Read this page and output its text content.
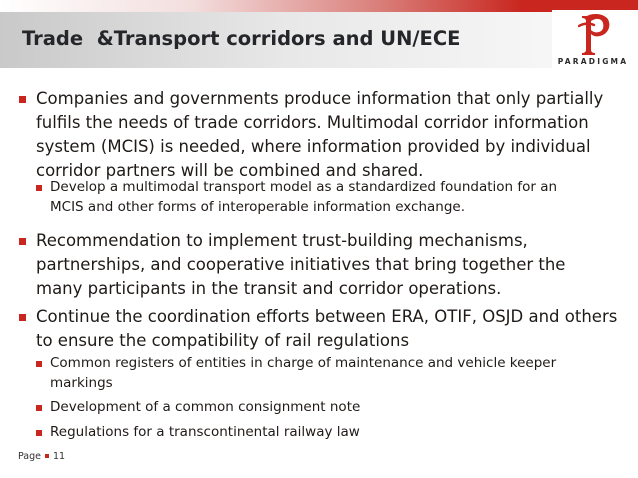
Trade  &Transport corridors and UN/ECE
PARADIGMA
Companies and governments produce information that only partially
fulfils the needs of trade corridors. Multimodal corridor information
system (MCIS) is needed, where information provided by individual
corridor partners will be combined and shared.
Develop a multimodal transport model as a standardized foundation for an
MCIS and other forms of interoperable information exchange.
Recommendation to implement trust-building mechanisms,
partnerships, and cooperative initiatives that bring together the
many participants in the transit and corridor operations.
Continue the coordination efforts between ERA, OTIF, OSJD and others
to ensure the compatibility of rail regulations
Common registers of entities in charge of maintenance and vehicle keeper
markings
Development of a common consignment note
Regulations for a transcontinental railway law
Page 11
